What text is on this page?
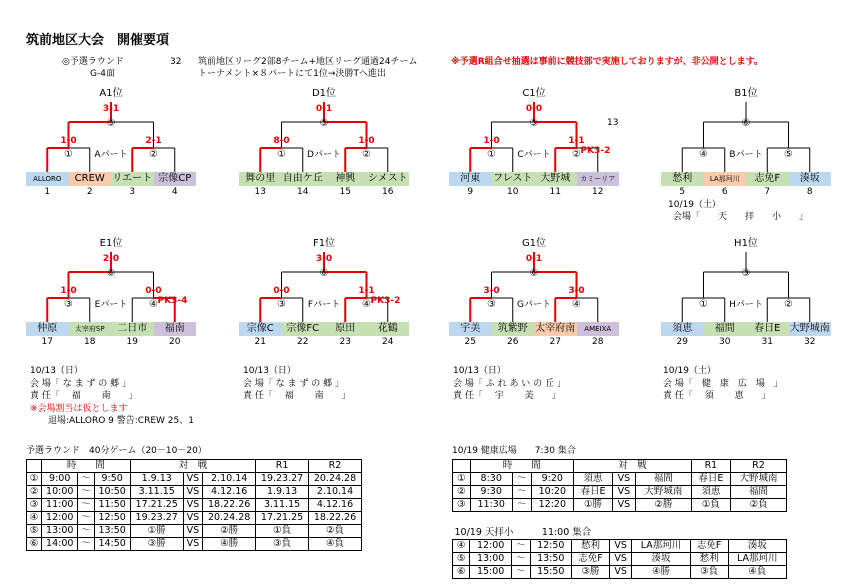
筑前地区大会　開催要項
◎予選ラウンド	32
G-4面
筑前地区リーグ2部8チーム+地区リーグ通過24チーム	※予選R組合せ抽選は事前に競技部で実施しておりますが、非公開とします。
トーナメント×８パートにて1位→決勝Tへ進出
A1位
3-1
⑤
1-0	2-1
①	②
Aパート
ALLORO
1
CREW
2
リエート
3
宗像CP
4
D1位
0-1
⑤
8-0	1-0
①	②
Dパート
舞の里
13
自由ケ丘
14
神興
15
シメスト
16
C1位
0-0
⑤
1-0	1-1
PK3-2
①	②
Cパート
13
河東
9
フレスト
10
大野城
11
カミーリア
12
B1位
⑥
④	⑤
Bパート
愁利
5
LA那珂川
6
志免F
7
湊坂
8
E1位
2-0
⑥
1-0	0-0
PK3-4
③	④
Eパート
仲原
17
太宰府SP
18
二日市
19
福南
20
F1位
3-0
⑥
0-0	1-1
PK3-2
③	④
Fパート
宗像C
21
宗像FC
22
原田
23
花鶴
24
G1位
0-1
⑥
3-0	3-0
③	④
Gパート
宇美
25
筑紫野
26
太宰府南
27
AMEIXA
28
H1位
③
①	②
Hパート
須恵
29
福間
30
春日E
31
大野城南
32
10/19（土）
会場「　　天　　拝　　小　　」
10/13（日）
会 場「 な ま ず の 郷 」
責 任「　 福　　 南　　」
※会場割当は仮とします
退場:ALLORO 9 警告:CREW 25、1
10/13（日）
会 場「 な ま ず の 郷 」
責 任「　 福　　 南　　」
10/13（日）
会 場「 ふ れ あ い の 丘 」
責 任「　 宇　　 美　　」
10/19（土）
会 場「　健　康　広　場　」
責 任「　 須　　 恵　　」
予選ラウンド　40分ゲーム（20－10－20）
	時　　間			対　戦			R1	R2
①	9:00	～	9:50	1.9.13	VS	2.10.14	19.23.27	20.24.28
②	10:00	～	10:50	3.11.15	VS	4.12.16	1.9.13	2.10.14
③	11:00	～	11:50	17.21.25	VS	18.22.26	3.11.15	4.12.16
④	12:00	～	12:50	19.23.27	VS	20.24.28	17.21.25	18.22.26
⑤	13:00	～	13:50	①勝	VS	②勝	①負	②負
⑥	14:00	～	14:50	③勝	VS	④勝	③負	④負
10/19 健康広場　　7:30 集合
	時　　間			対　戦			R1	R2
①	8:30	～	9:20	須恵	VS	福間	春日E	大野城南
②	9:30	～	10:20	春日E	VS	大野城南	須恵	福間
③	11:30	～	12:20	①勝	VS	②勝	①負	②負
10/19 天拝小　　　11:00 集合								
④	12:00	～	12:50	愁利	VS	LA那珂川	志免F	湊坂
⑤	13:00	～	13:50	志免F	VS	湊坂	愁利	LA那珂川
⑥	15:00	～	15:50	③勝	VS	④勝	③負	④負
